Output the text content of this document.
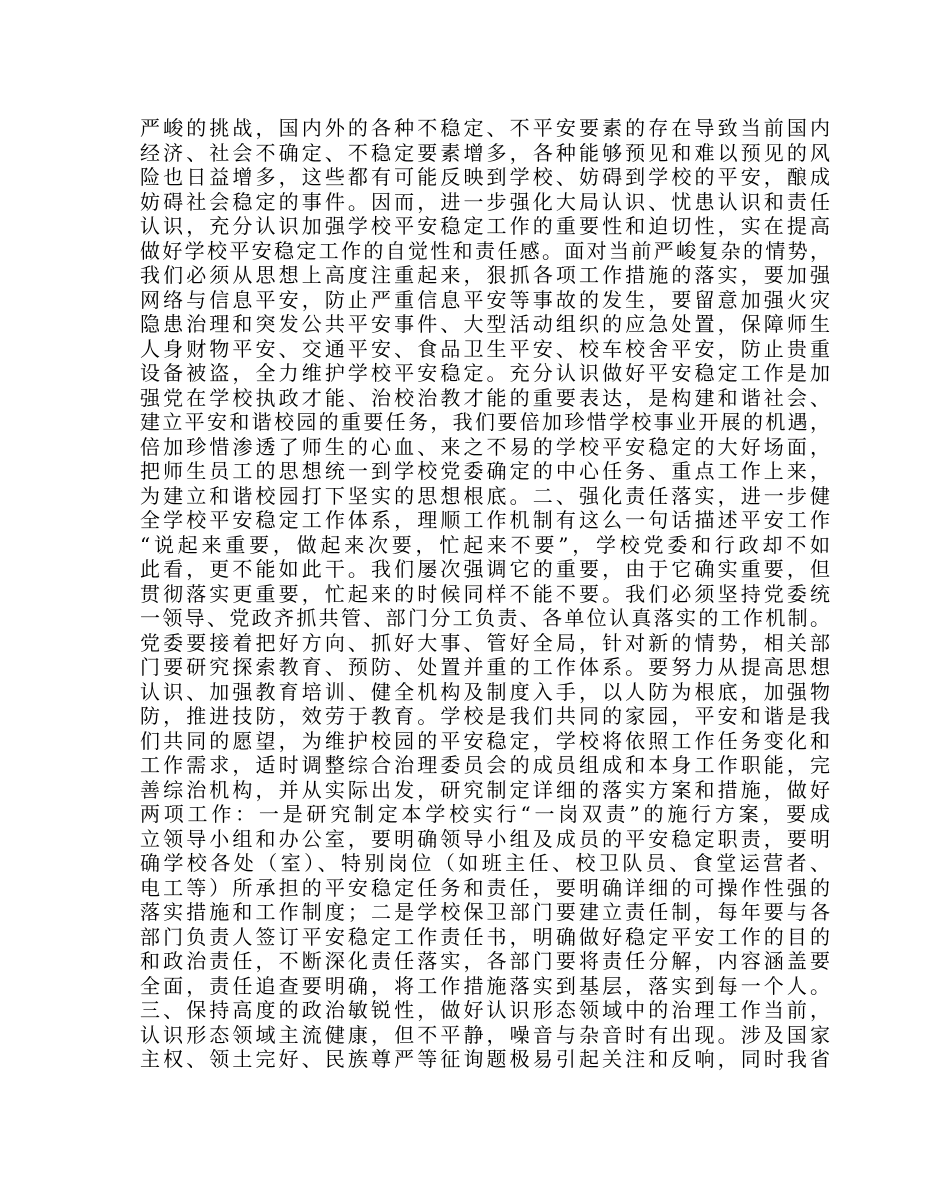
严峻的挑战，国内外的各种不稳定、不平安要素的存在导致当前国内
经济、社会不确定、不稳定要素增多，各种能够预见和难以预见的风
险也日益增多，这些都有可能反映到学校、妨碍到学校的平安，酿成
妨碍社会稳定的事件。因而，进一步强化大局认识、忧患认识和责任
认识，充分认识加强学校平安稳定工作的重要性和迫切性，实在提高
做好学校平安稳定工作的自觉性和责任感。面对当前严峻复杂的情势，
我们必须从思想上高度注重起来，狠抓各项工作措施的落实，要加强
网络与信息平安，防止严重信息平安等事故的发生，要留意加强火灾
隐患治理和突发公共平安事件、大型活动组织的应急处置，保障师生
人身财物平安、交通平安、食品卫生平安、校车校舍平安，防止贵重
设备被盗，全力维护学校平安稳定。充分认识做好平安稳定工作是加
强党在学校执政才能、治校治教才能的重要表达，是构建和谐社会、
建立平安和谐校园的重要任务，我们要倍加珍惜学校事业开展的机遇，
倍加珍惜渗透了师生的心血、来之不易的学校平安稳定的大好场面，
把师生员工的思想统一到学校党委确定的中心任务、重点工作上来，
为建立和谐校园打下坚实的思想根底。二、强化责任落实，进一步健
全学校平安稳定工作体系，理顺工作机制有这么一句话描述平安工作
“说起来重要，做起来次要，忙起来不要”，学校党委和行政却不如
此看，更不能如此干。我们屡次强调它的重要，由于它确实重要，但
贯彻落实更重要，忙起来的时候同样不能不要。我们必须坚持党委统
一领导、党政齐抓共管、部门分工负责、各单位认真落实的工作机制。
党委要接着把好方向、抓好大事、管好全局，针对新的情势，相关部
门要研究探索教育、预防、处置并重的工作体系。要努力从提高思想
认识、加强教育培训、健全机构及制度入手，以人防为根底，加强物
防，推进技防，效劳于教育。学校是我们共同的家园，平安和谐是我
们共同的愿望，为维护校园的平安稳定，学校将依照工作任务变化和
工作需求，适时调整综合治理委员会的成员组成和本身工作职能，完
善综治机构，并从实际出发，研究制定详细的落实方案和措施，做好
两项工作：一是研究制定本学校实行“一岗双责”的施行方案，要成
立领导小组和办公室，要明确领导小组及成员的平安稳定职责，要明
确学校各处（室）、特别岗位（如班主任、校卫队员、食堂运营者、
电工等）所承担的平安稳定任务和责任，要明确详细的可操作性强的
落实措施和工作制度；二是学校保卫部门要建立责任制，每年要与各
部门负责人签订平安稳定工作责任书，明确做好稳定平安工作的目的
和政治责任，不断深化责任落实，各部门要将责任分解，内容涵盖要
全面，责任追查要明确，将工作措施落实到基层，落实到每一个人。
三、保持高度的政治敏锐性，做好认识形态领域中的治理工作当前，
认识形态领域主流健康，但不平静，噪音与杂音时有出现。涉及国家
主权、领土完好、民族尊严等征询题极易引起关注和反响，同时我省
